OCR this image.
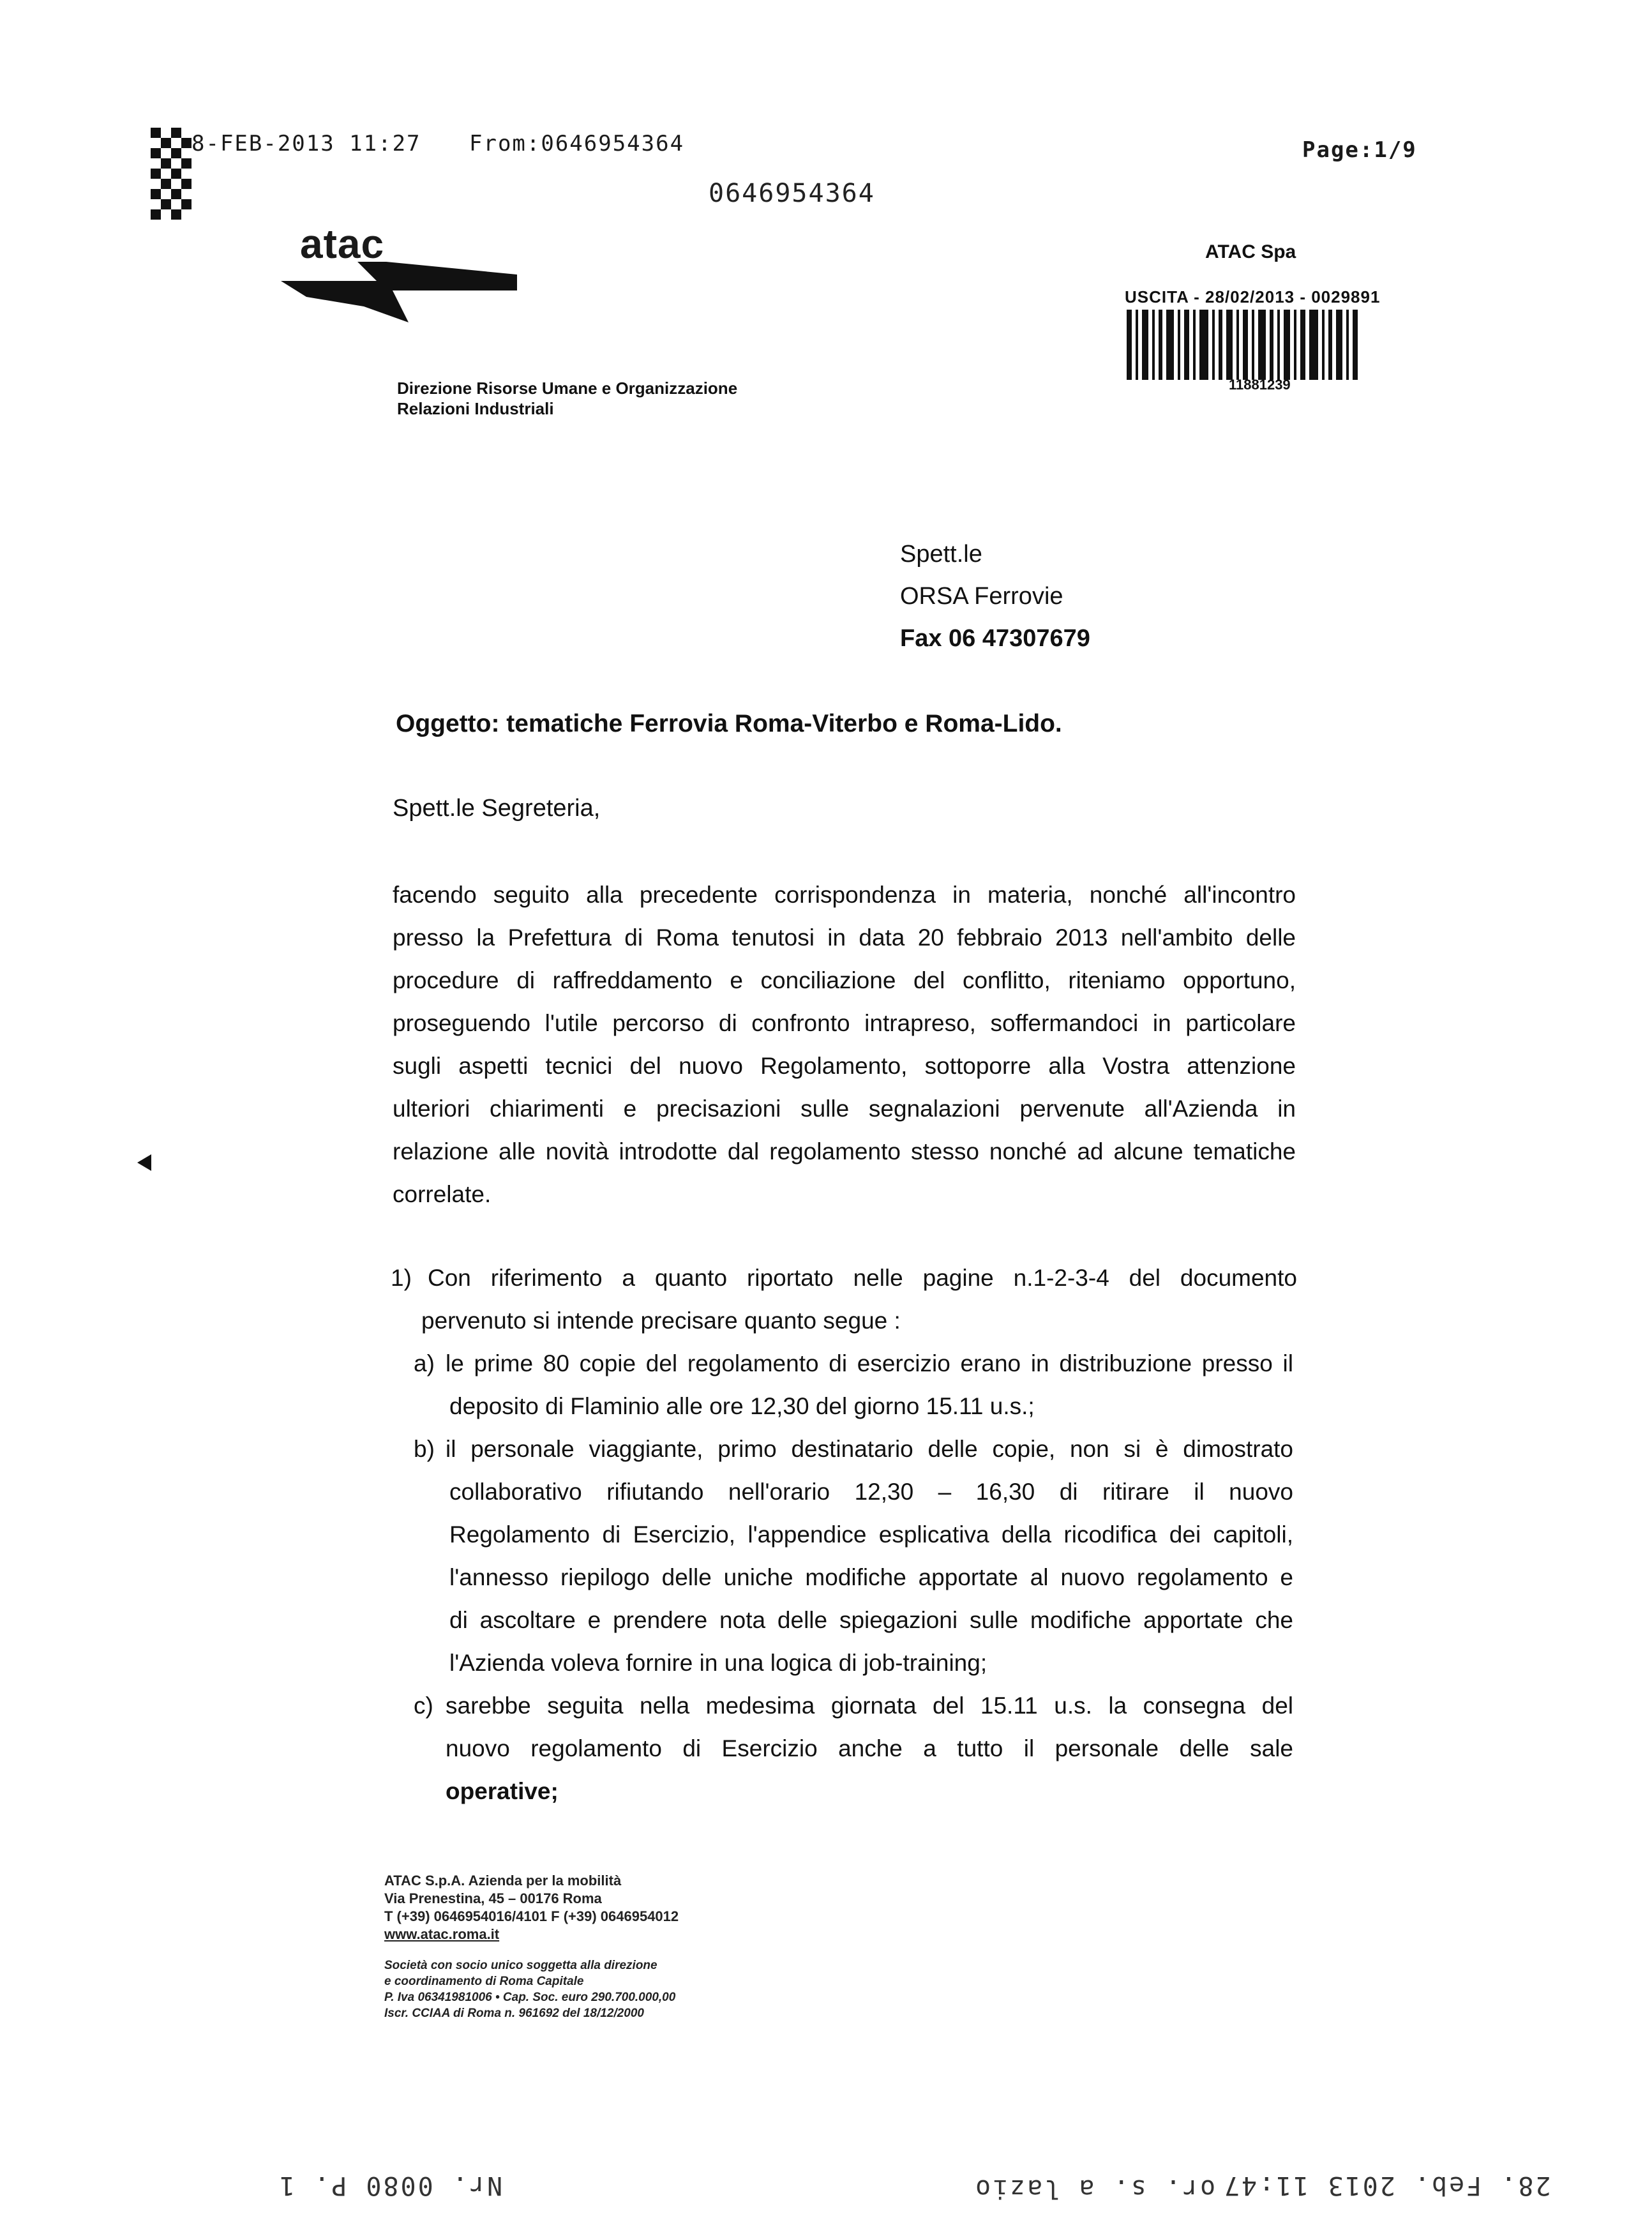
8-FEB-2013 11:27 From:0646954364	Page:1/9
0646954364
atac	ATAC Spa
USCITA - 28/02/2013 - 0029891
11881239
Direzione Risorse Umane e Organizzazione
Relazioni Industriali
Spett.le
ORSA Ferrovie
Fax 06 47307679
Oggetto: tematiche Ferrovia Roma-Viterbo e Roma-Lido.
Spett.le Segreteria,
facendo seguito alla precedente corrispondenza in materia, nonché all'incontro
presso la Prefettura di Roma tenutosi in data 20 febbraio 2013 nell'ambito delle
procedure di raffreddamento e conciliazione del conflitto, riteniamo opportuno,
proseguendo l'utile percorso di confronto intrapreso, soffermandoci in particolare
sugli aspetti tecnici del nuovo Regolamento, sottoporre alla Vostra attenzione
ulteriori chiarimenti e precisazioni sulle segnalazioni pervenute all'Azienda in
relazione alle novità introdotte dal regolamento stesso nonché ad alcune tematiche
correlate.
1) Con riferimento a quanto riportato nelle pagine n.1-2-3-4 del documento
pervenuto si intende precisare quanto segue :
a) le prime 80 copie del regolamento di esercizio erano in distribuzione presso il
deposito di Flaminio alle ore 12,30 del giorno 15.11 u.s.;
b) il personale viaggiante, primo destinatario delle copie, non si è dimostrato
collaborativo rifiutando nell'orario 12,30 – 16,30 di ritirare il nuovo
Regolamento di Esercizio, l'appendice esplicativa della ricodifica dei capitoli,
l'annesso riepilogo delle uniche modifiche apportate al nuovo regolamento e
di ascoltare e prendere nota delle spiegazioni sulle modifiche apportate che
l'Azienda voleva fornire in una logica di job-training;
c) sarebbe seguita nella medesima giornata del 15.11 u.s. la consegna del
nuovo regolamento di Esercizio anche a tutto il personale delle sale
operative;
ATAC S.p.A. Azienda per la mobilità
Via Prenestina, 45 – 00176 Roma
T (+39) 0646954016/4101 F (+39) 0646954012
www.atac.roma.it
Società con socio unico soggetta alla direzione
e coordinamento di Roma Capitale
P. Iva 06341981006 • Cap. Soc. euro 290.700.000,00
Iscr. CCIAA di Roma n. 961692 del 18/12/2000
Nr. 0080 P. 1	or. s. a lazio 28. Feb. 2013 11:47
